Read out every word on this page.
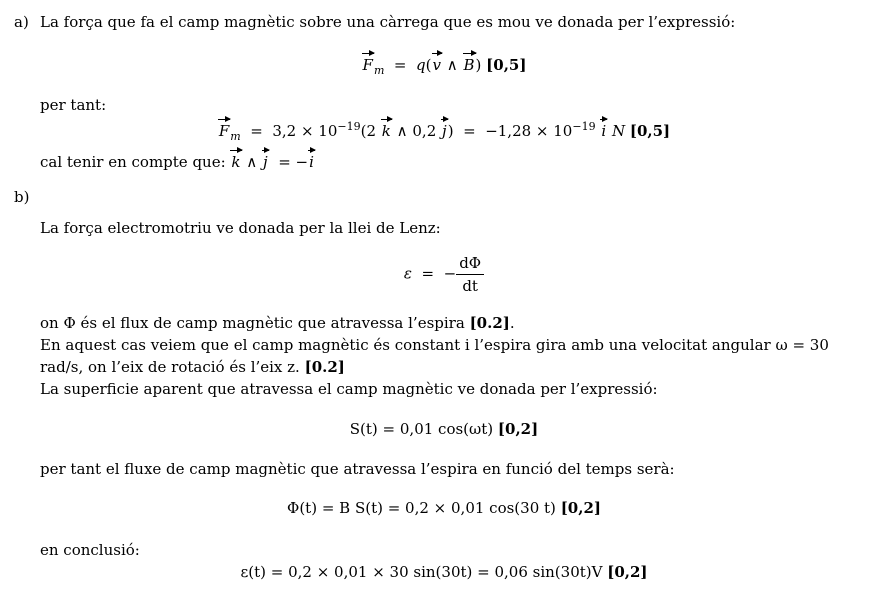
a) La força que fa el camp magnètic sobre una càrrega que es mou ve donada per l’expressió:
$F_m = q(v$ ∧ B) [0,5]
per tant:
$F_m = 3,2 \times 10^{-19}(2$ k ∧ 0,2 $j) = -1,28 \times 10^{-19}$ i N [0,5]
cal tenir en compte que: k ∧ j  = −i
b)
La força electromotriu ve donada per la llei de Lenz:
ε  =  − $\frac{d\Phi}{dt}$
on Φ és el flux de camp magnètic que atravessa l’espira [0.2].
En aquest cas veiem que el camp magnètic és constant i l’espira gira amb una velocitat angular ω = 30
rad/s, on l’eix de rotació és l’eix z. [0.2]
La superficie aparent que atravessa el camp magnètic ve donada per l’expressió:
S(t) = 0,01 cos(ωt) [0,2]
per tant el fluxe de camp magnètic que atravessa l’espira en funció del temps serà:
Φ(t) = B S(t) = 0,2 × 0,01 cos(30 t) [0,2]
en conclusió:
ε(t) = 0,2 × 0,01 × 30 sin(30t) = 0,06 sin(30t)V [0,2]
